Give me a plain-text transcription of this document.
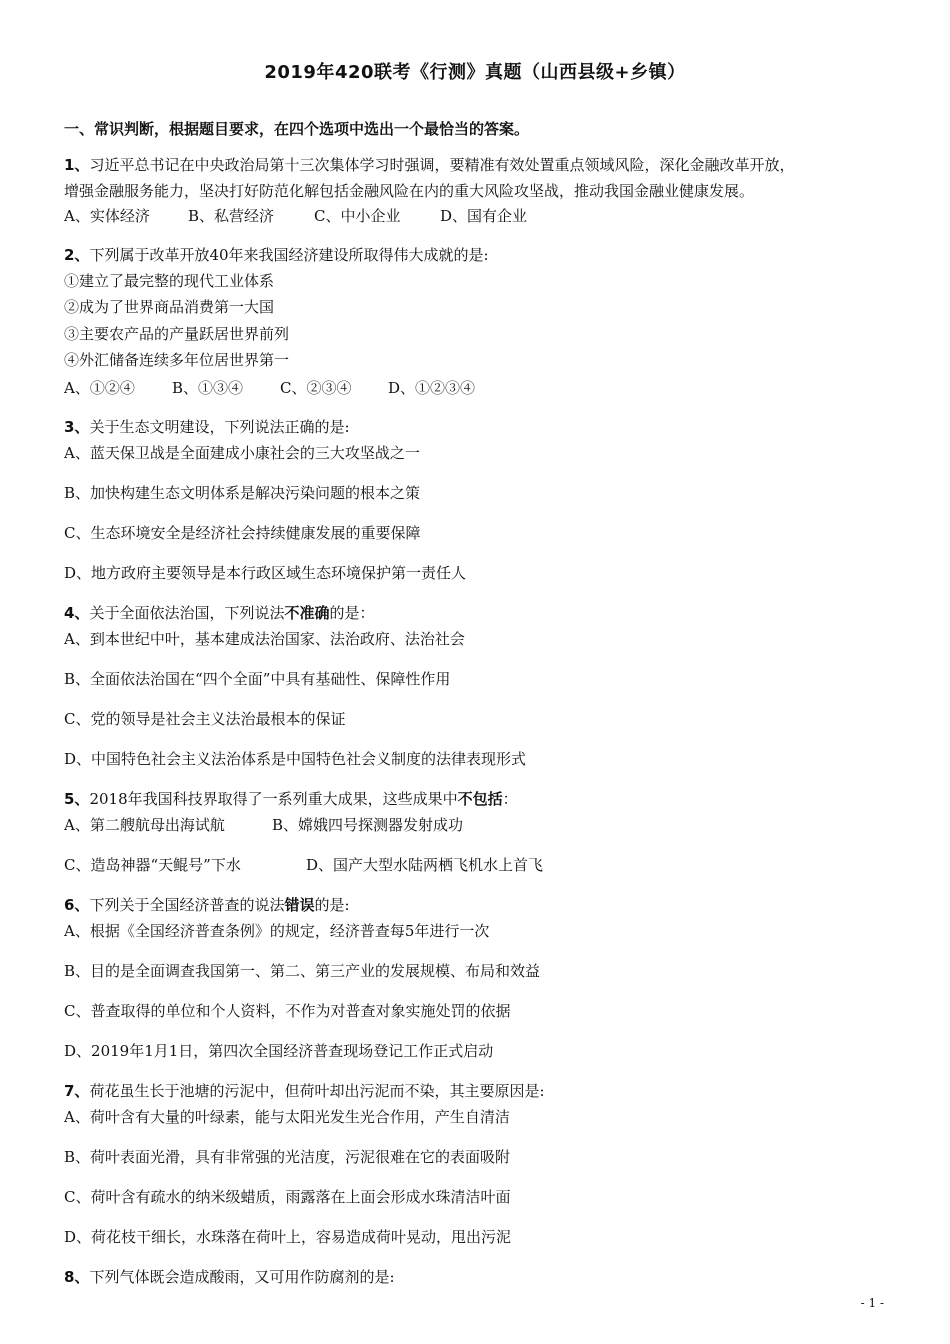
2019年420联考《行测》真题（山西县级+乡镇）
一、常识判断，根据题目要求，在四个选项中选出一个最恰当的答案。
1、习近平总书记在中央政治局第十三次集体学习时强调，要精准有效处置重点领域风险，深化金融改革开放，
增强金融服务能力，坚决打好防范化解包括金融风险在内的重大风险攻坚战，推动我国金融业健康发展。
A、实体经济	B、私营经济	C、中小企业	D、国有企业
2、下列属于改革开放40年来我国经济建设所取得伟大成就的是:
①建立了最完整的现代工业体系
②成为了世界商品消费第一大国
③主要农产品的产量跃居世界前列
④外汇储备连续多年位居世界第一
A、①②④ B、①③④ C、②③④ D、①②③④
3、关于生态文明建设，下列说法正确的是:
A、蓝天保卫战是全面建成小康社会的三大攻坚战之一
B、加快构建生态文明体系是解决污染问题的根本之策
C、生态环境安全是经济社会持续健康发展的重要保障
D、地方政府主要领导是本行政区域生态环境保护第一责任人
4、关于全面依法治国，下列说法不准确的是：
A、到本世纪中叶，基本建成法治国家、法治政府、法治社会
B、全面依法治国在“四个全面”中具有基础性、保障性作用
C、党的领导是社会主义法治最根本的保证
D、中国特色社会主义法治体系是中国特色社会义制度的法律表现形式
5、2018年我国科技界取得了一系列重大成果，这些成果中不包括：
A、第二艘航母出海试航	B、嫦娥四号探测器发射成功
C、造岛神器“天鲲号”下水	D、国产大型水陆两栖飞机水上首飞
6、下列关于全国经济普查的说法错误的是:
A、根据《全国经济普查条例》的规定，经济普查每5年进行一次
B、目的是全面调查我国第一、第二、第三产业的发展规模、布局和效益
C、普查取得的单位和个人资料，不作为对普查对象实施处罚的依据
D、2019年1月1日，第四次全国经济普查现场登记工作正式启动
7、荷花虽生长于池塘的污泥中，但荷叶却出污泥而不染，其主要原因是:
A、荷叶含有大量的叶绿素，能与太阳光发生光合作用，产生自清洁
B、荷叶表面光滑，具有非常强的光洁度，污泥很难在它的表面吸附
C、荷叶含有疏水的纳米级蜡质，雨露落在上面会形成水珠清洁叶面
D、荷花枝干细长，水珠落在荷叶上，容易造成荷叶晃动，甩出污泥
8、下列气体既会造成酸雨，又可用作防腐剂的是:
- 1 -
